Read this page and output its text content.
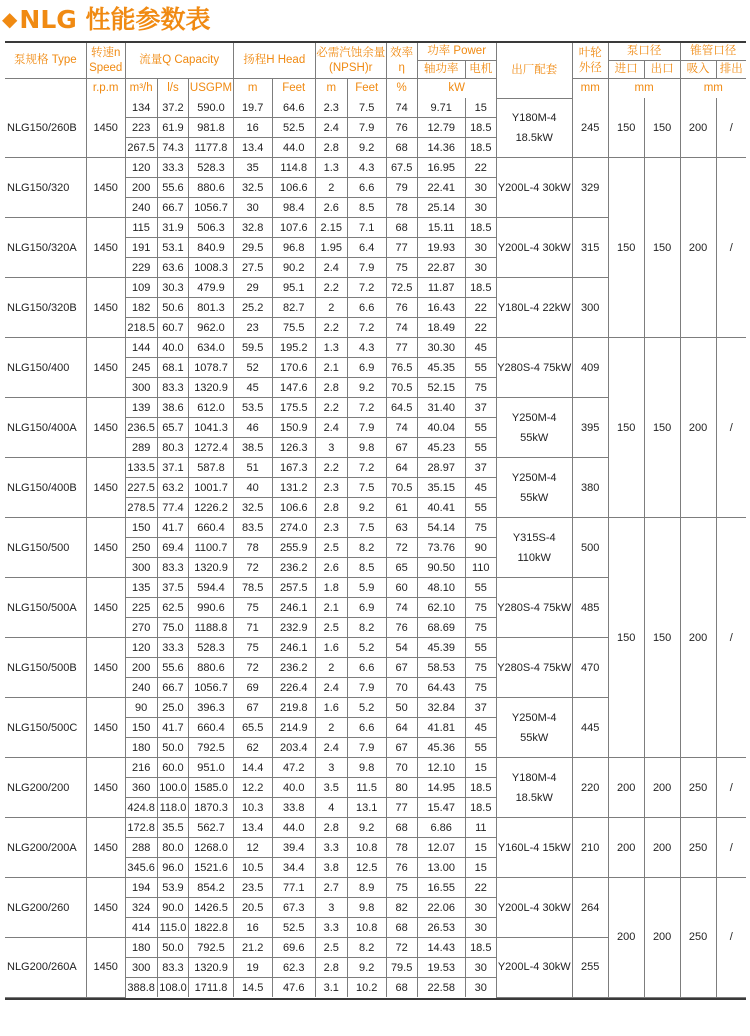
◆NLG 性能参数表
泵规格 Type	转速n Speed	流量Q Capacity			扬程H Head		必需汽蚀余量 (NPSH)r		效率 η	功率 Power		出厂配套	叶轮 外径	泵口径		锥管口径	
										轴功率	电机			进口	出口	吸入	排出
	r.p.m	m³/h	l/s	USGPM	m	Feet	m	Feet	%	kW			mm	mm		mm	
NLG150/260B	1450	134	37.2	590.0	19.7	64.6	2.3	7.5	74	9.71	15	Y180M-4 18.5kW	245	150	150	200	/
		223	61.9	981.8	16	52.5	2.4	7.9	76	12.79	18.5						
		267.5	74.3	1177.8	13.4	44.0	2.8	9.2	68	14.36	18.5						
NLG150/320	1450	120	33.3	528.3	35	114.8	1.3	4.3	67.5	16.95	22	Y200L-4 30kW	329	150	150	200	/
		200	55.6	880.6	32.5	106.6	2	6.6	79	22.41	30						
		240	66.7	1056.7	30	98.4	2.6	8.5	78	25.14	30						
NLG150/320A	1450	115	31.9	506.3	32.8	107.6	2.15	7.1	68	15.11	18.5	Y200L-4 30kW	315				
		191	53.1	840.9	29.5	96.8	1.95	6.4	77	19.93	30						
		229	63.6	1008.3	27.5	90.2	2.4	7.9	75	22.87	30						
NLG150/320B	1450	109	30.3	479.9	29	95.1	2.2	7.2	72.5	11.87	18.5	Y180L-4 22kW	300				
		182	50.6	801.3	25.2	82.7	2	6.6	76	16.43	22						
		218.5	60.7	962.0	23	75.5	2.2	7.2	74	18.49	22						
NLG150/400	1450	144	40.0	634.0	59.5	195.2	1.3	4.3	77	30.30	45	Y280S-4 75kW	409	150	150	200	/
		245	68.1	1078.7	52	170.6	2.1	6.9	76.5	45.35	55						
		300	83.3	1320.9	45	147.6	2.8	9.2	70.5	52.15	75						
NLG150/400A	1450	139	38.6	612.0	53.5	175.5	2.2	7.2	64.5	31.40	37	Y250M-4 55kW	395				
		236.5	65.7	1041.3	46	150.9	2.4	7.9	74	40.04	55						
		289	80.3	1272.4	38.5	126.3	3	9.8	67	45.23	55						
NLG150/400B	1450	133.5	37.1	587.8	51	167.3	2.2	7.2	64	28.97	37	Y250M-4 55kW	380				
		227.5	63.2	1001.7	40	131.2	2.3	7.5	70.5	35.15	45						
		278.5	77.4	1226.2	32.5	106.6	2.8	9.2	61	40.41	55						
NLG150/500	1450	150	41.7	660.4	83.5	274.0	2.3	7.5	63	54.14	75	Y315S-4 110kW	500	150	150	200	/
		250	69.4	1100.7	78	255.9	2.5	8.2	72	73.76	90						
		300	83.3	1320.9	72	236.2	2.6	8.5	65	90.50	110						
NLG150/500A	1450	135	37.5	594.4	78.5	257.5	1.8	5.9	60	48.10	55	Y280S-4 75kW	485				
		225	62.5	990.6	75	246.1	2.1	6.9	74	62.10	75						
		270	75.0	1188.8	71	232.9	2.5	8.2	76	68.69	75						
NLG150/500B	1450	120	33.3	528.3	75	246.1	1.6	5.2	54	45.39	55	Y280S-4 75kW	470				
		200	55.6	880.6	72	236.2	2	6.6	67	58.53	75						
		240	66.7	1056.7	69	226.4	2.4	7.9	70	64.43	75						
NLG150/500C	1450	90	25.0	396.3	67	219.8	1.6	5.2	50	32.84	37	Y250M-4 55kW	445				
		150	41.7	660.4	65.5	214.9	2	6.6	64	41.81	45						
		180	50.0	792.5	62	203.4	2.4	7.9	67	45.36	55						
NLG200/200	1450	216	60.0	951.0	14.4	47.2	3	9.8	70	12.10	15	Y180M-4 18.5kW	220	200	200	250	/
		360	100.0	1585.0	12.2	40.0	3.5	11.5	80	14.95	18.5						
		424.8	118.0	1870.3	10.3	33.8	4	13.1	77	15.47	18.5						
NLG200/200A	1450	172.8	35.5	562.7	13.4	44.0	2.8	9.2	68	6.86	11	Y160L-4 15kW	210	200	200	250	/
		288	80.0	1268.0	12	39.4	3.3	10.8	78	12.07	15						
		345.6	96.0	1521.6	10.5	34.4	3.8	12.5	76	13.00	15						
NLG200/260	1450	194	53.9	854.2	23.5	77.1	2.7	8.9	75	16.55	22	Y200L-4 30kW	264	200	200	250	/
		324	90.0	1426.5	20.5	67.3	3	9.8	82	22.06	30						
		414	115.0	1822.8	16	52.5	3.3	10.8	68	26.53	30						
NLG200/260A	1450	180	50.0	792.5	21.2	69.6	2.5	8.2	72	14.43	18.5	Y200L-4 30kW	255				
		300	83.3	1320.9	19	62.3	2.8	9.2	79.5	19.53	30						
		388.8	108.0	1711.8	14.5	47.6	3.1	10.2	68	22.58	30						
